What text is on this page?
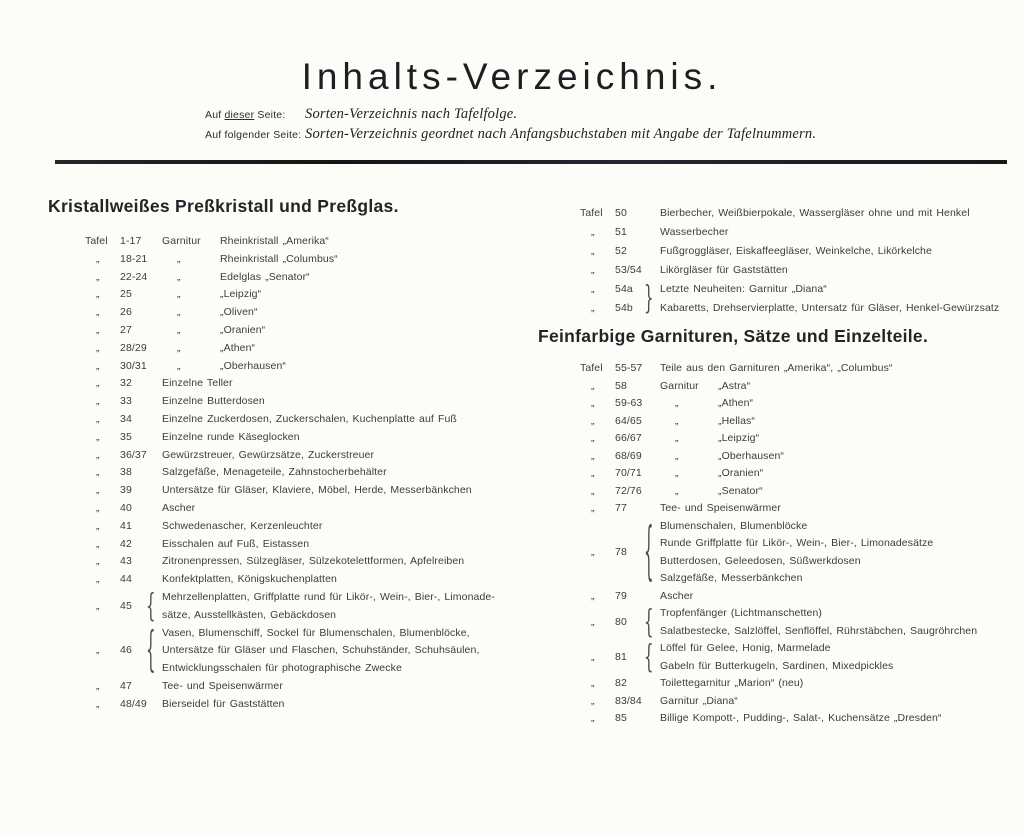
Inhalts-Verzeichnis.
Auf dieser Seite:	Sorten-Verzeichnis nach Tafelfolge.
Auf folgender Seite: Sorten-Verzeichnis geordnet nach Anfangsbuchstaben mit Angabe der Tafelnummern.
Kristallweißes Preßkristall und Preßglas.
Tafel	1-17	Garnitur Rheinkristall „Amerika“
„	18-21	„	Rheinkristall „Columbus“
„	22-24	„	Edelglas „Senator“
„	25	„	„Leipzig“
„	26	„	„Oliven“
„	27	„	„Oranien“
„	28/29	„	„Athen“
„	30/31	„	„Oberhausen“
„	32	Einzelne Teller
„	33	Einzelne Butterdosen
„	34	Einzelne Zuckerdosen, Zuckerschalen, Kuchenplatte auf Fuß
„	35	Einzelne runde Käseglocken
„	36/37	Gewürzstreuer, Gewürzsätze, Zuckerstreuer
„	38	Salzgefäße, Menageteile, Zahnstocherbehälter
„	39	Untersätze für Gläser, Klaviere, Möbel, Herde, Messerbänkchen
„	40	Ascher
„	41	Schwedenascher, Kerzenleuchter
„	42	Eisschalen auf Fuß, Eistassen
„	43	Zitronenpressen, Sülzegläser, Sülzekotelettformen, Apfelreiben
„	44	Konfektplatten, Königskuchenplatten
„	45 { Mehrzellenplatten, Griffplatte rund für Likör-, Wein-, Bier-, Limonade-
sätze, Ausstellkästen, Gebäckdosen
„	46 { Vasen, Blumenschiff, Sockel für Blumenschalen, Blumenblöcke,
Untersätze für Gläser und Flaschen, Schuhständer, Schuhsäulen,
Entwicklungsschalen für photographische Zwecke
„	47	Tee- und Speisenwärmer
„	48/49	Bierseidel für Gaststätten
Tafel	50	Bierbecher, Weißbierpokale, Wassergläser ohne und mit Henkel
„	51	Wasserbecher
„	52	Fußgroggläser, Eiskaffeegläser, Weinkelche, Likörkelche
„	53/54	Likörgläser für Gaststätten
}
„	54a	Letzte Neuheiten: Garnitur „Diana“
„	54b	Kabaretts, Drehservierplatte, Untersatz für Gläser, Henkel-Gewürzsatz
Feinfarbige Garnituren, Sätze und Einzelteile.
Tafel	55-57	Teile aus den Garnituren „Amerika“, „Columbus“
„	58	Garnitur „Astra“
„	59-63	„	„Athen“
„	64/65	„	„Hellas“
„	66/67	„	„Leipzig“
„	68/69	„	„Oberhausen“
„	70/71	„	„Oranien“
„	72/76	„	„Senator“
„	77	Tee- und Speisenwärmer
„	78	{ Blumenschalen, Blumenblöcke
Runde Griffplatte für Likör-, Wein-, Bier-, Limonadesätze
Butterdosen, Geleedosen, Süßwerkdosen
Salzgefäße, Messerbänkchen
„	79	Ascher
„	80	{ Tropfenfänger (Lichtmanschetten)
Salatbestecke, Salzlöffel, Senflöffel, Rührstäbchen, Saugröhrchen
„	81	{ Löffel für Gelee, Honig, Marmelade
Gabeln für Butterkugeln, Sardinen, Mixedpickles
„	82	Toilettegarnitur „Marion“ (neu)
„	83/84	Garnitur „Diana“
„	85	Billige Kompott-, Pudding-, Salat-, Kuchensätze „Dresden“
